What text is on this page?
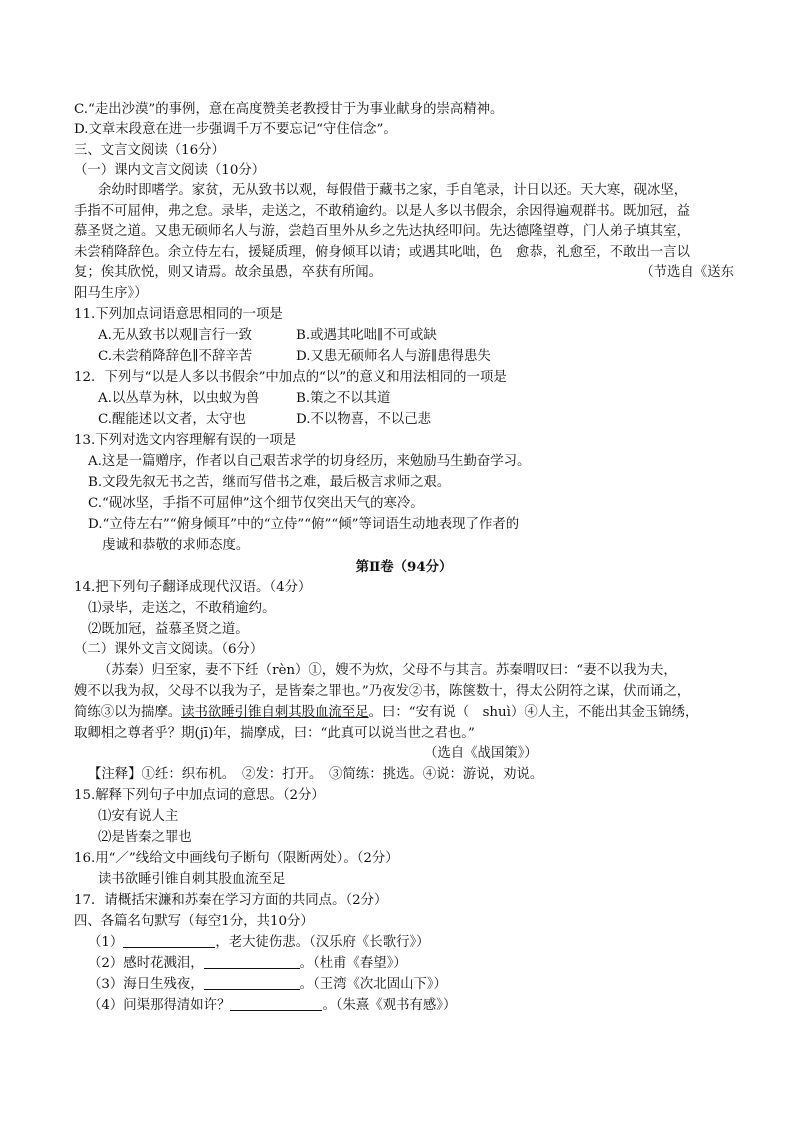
C.“走出沙漠”的事例，意在高度赞美老教授甘于为事业献身的崇高精神。
D.文章末段意在进一步强调千万不要忘记“守住信念”。
三、文言文阅读（16分）
（一）课内文言文阅读（10分）
余幼时即嗜学。家贫，无从致书以观，每假借于藏书之家，手自笔录，计日以还。天大寒，砚冰坚，
手指不可屈伸，弗之怠。录毕，走送之，不敢稍逾约。以是人多以书假余，余因得遍观群书。既加冠，益
慕圣贤之道。又患无硕师名人与游，尝趋百里外从乡之先达执经叩问。先达德隆望尊，门人弟子填其室，
未尝稍降辞色。余立侍左右，援疑质理，俯身倾耳以请；或遇其叱咄，色　愈恭，礼愈至，不敢出一言以
复；俟其欣悦，则又请焉。故余虽愚，卒获有所闻。	（节选自《送东
阳马生序》）
11.下列加点词语意思相同的一项是
A.无从致书以观∥言行一致	B.或遇其叱咄∥不可或缺
C.未尝稍降辞色∥不辞辛苦	D.又患无硕师名人与游∥患得患失
12．下列与“以是人多以书假余”中加点的“以”的意义和用法相同的一项是
A.以丛草为林，以虫蚁为兽	B.策之不以其道
C.醒能述以文者，太守也	D.不以物喜，不以己悲
13.下列对选文内容理解有误的一项是
A.这是一篇赠序，作者以自己艰苦求学的切身经历，来勉励马生勤奋学习。
B.文段先叙无书之苦，继而写借书之难，最后极言求师之艰。
C.“砚冰坚，手指不可屈伸”这个细节仅突出天气的寒冷。
D.“立侍左右”“俯身倾耳”中的“立侍”“俯”“倾”等词语生动地表现了作者的
虔诚和恭敬的求师态度。
第Ⅱ卷（94分）
14.把下列句子翻译成现代汉语。（4分）
⑴录毕，走送之，不敢稍逾约。
⑵既加冠，益慕圣贤之道。
（二）课外文言文阅读。（6分）
（苏秦）归至家，妻不下纴（rèn）①，嫂不为炊，父母不与其言。苏秦喟叹曰：“妻不以我为夫，
嫂不以我为叔，父母不以我为子，是皆秦之罪也。”乃夜发②书，陈箧数十，得太公阴符之谋，伏而诵之，
简练③以为揣摩。读书欲睡引锥自刺其股血流至足。曰：“安有说（　shuì）④人主，不能出其金玉锦绣，
取卿相之尊者乎？期(jī)年，揣摩成，曰：“此真可以说当世之君也。”
（选自《战国策》）
【注释】①纴：织布机。　②发：打开。　③简练：挑选。④说：游说，劝说。
15.解释下列句子中加点词的意思。（2分）
⑴安有说人主
⑵是皆秦之罪也
16.用“／”线给文中画线句子断句（限断两处）。（2分）
读书欲睡引锥自刺其股血流至足
17．请概括宋濂和苏秦在学习方面的共同点。（2分）
四、各篇名句默写（每空1分，共10分）
（1）	，老大徒伤悲。（汉乐府《长歌行》）
（2）感时花溅泪，	。（杜甫《春望》）
（3）海日生残夜，	。（王湾《次北固山下》）
（4）问渠那得清如许？	。（朱熹《观书有感》）
